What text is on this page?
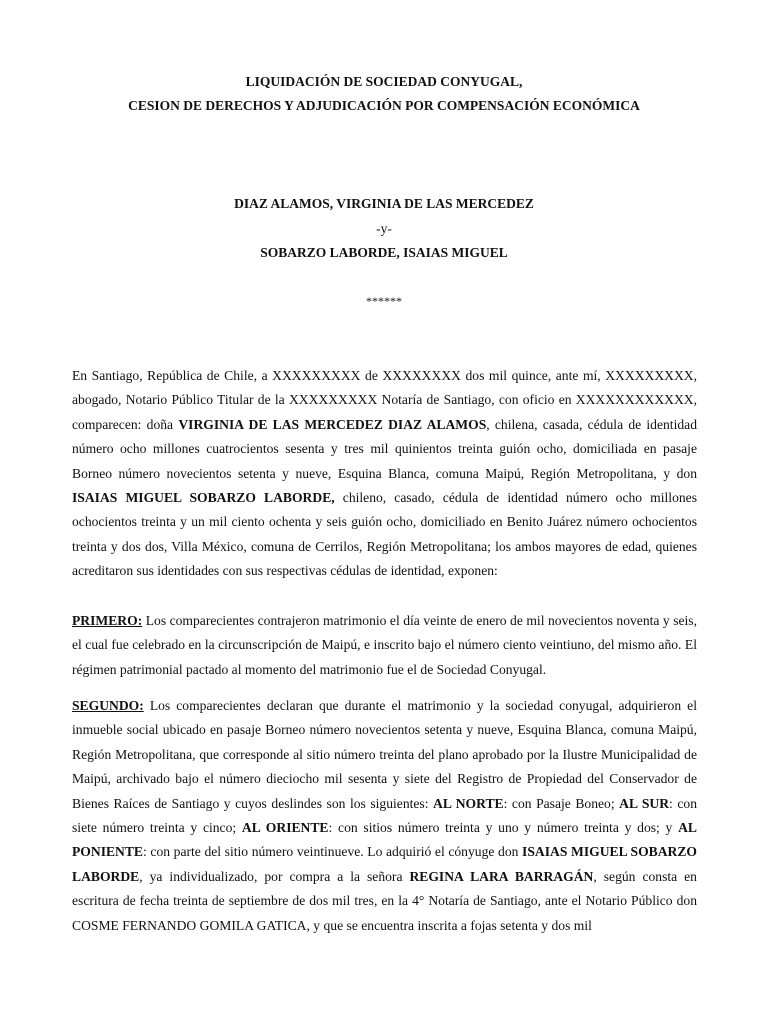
LIQUIDACIÓN DE SOCIEDAD CONYUGAL,
CESION DE DERECHOS Y ADJUDICACIÓN POR COMPENSACIÓN ECONÓMICA
DIAZ ALAMOS, VIRGINIA DE LAS MERCEDEZ
-y-
SOBARZO LABORDE, ISAIAS MIGUEL
******
En Santiago, República de Chile, a XXXXXXXXX de XXXXXXXX dos mil quince, ante mí, XXXXXXXXX, abogado, Notario Público Titular de la XXXXXXXXX Notaría de Santiago, con oficio en XXXXXXXXXXXX, comparecen: doña VIRGINIA DE LAS MERCEDEZ DIAZ ALAMOS, chilena, casada, cédula de identidad número ocho millones cuatrocientos sesenta y tres mil quinientos treinta guión ocho, domiciliada en pasaje Borneo número novecientos setenta y nueve, Esquina Blanca, comuna Maipú, Región Metropolitana, y don ISAIAS MIGUEL SOBARZO LABORDE, chileno, casado, cédula de identidad número ocho millones ochocientos treinta y un mil ciento ochenta y seis guión ocho, domiciliado en Benito Juárez número ochocientos treinta y dos dos, Villa México, comuna de Cerrilos, Región Metropolitana; los ambos mayores de edad, quienes acreditaron sus identidades con sus respectivas cédulas de identidad, exponen:
PRIMERO: Los comparecientes contrajeron matrimonio el día veinte de enero de mil novecientos noventa y seis, el cual fue celebrado en la circunscripción de Maipú, e inscrito bajo el número ciento veintiuno, del mismo año. El régimen patrimonial pactado al momento del matrimonio fue el de Sociedad Conyugal.
SEGUNDO: Los comparecientes declaran que durante el matrimonio y la sociedad conyugal, adquirieron el inmueble social ubicado en pasaje Borneo número novecientos setenta y nueve, Esquina Blanca, comuna Maipú, Región Metropolitana, que corresponde al sitio número treinta del plano aprobado por la Ilustre Municipalidad de Maipú, archivado bajo el número dieciocho mil sesenta y siete del Registro de Propiedad del Conservador de Bienes Raíces de Santiago y cuyos deslindes son los siguientes: AL NORTE: con Pasaje Boneo; AL SUR: con siete número treinta y cinco; AL ORIENTE: con sitios número treinta y uno y número treinta y dos; y AL PONIENTE: con parte del sitio número veintinueve. Lo adquirió el cónyuge don ISAIAS MIGUEL SOBARZO LABORDE, ya individualizado, por compra a la señora REGINA LARA BARRAGÁN, según consta en escritura de fecha treinta de septiembre de dos mil tres, en la 4° Notaría de Santiago, ante el Notario Público don COSME FERNANDO GOMILA GATICA, y que se encuentra inscrita a fojas setenta y dos mil
